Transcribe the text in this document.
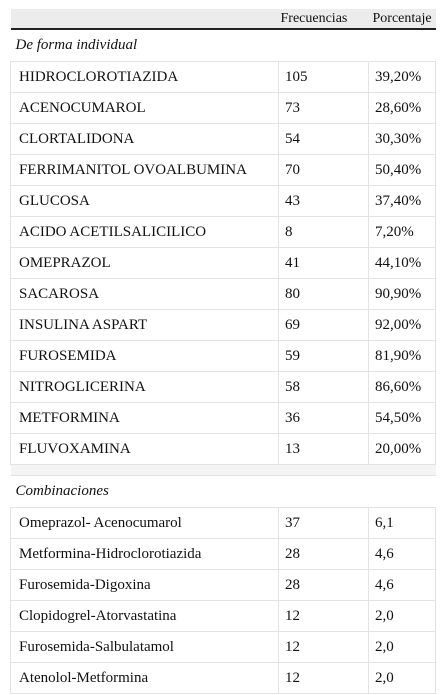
	Frecuencias	Porcentaje
De forma individual		
HIDROCLOROTIAZIDA	105	39,20%
ACENOCUMAROL	73	28,60%
CLORTALIDONA	54	30,30%
FERRIMANITOL OVOALBUMINA	70	50,40%
GLUCOSA	43	37,40%
ACIDO ACETILSALICILICO	8	7,20%
OMEPRAZOL	41	44,10%
SACAROSA	80	90,90%
INSULINA ASPART	69	92,00%
FUROSEMIDA	59	81,90%
NITROGLICERINA	58	86,60%
METFORMINA	36	54,50%
FLUVOXAMINA	13	20,00%

Combinaciones		
Omeprazol- Acenocumarol	37	6,1
Metformina-Hidroclorotiazida	28	4,6
Furosemida-Digoxina	28	4,6
Clopidogrel-Atorvastatina	12	2,0
Furosemida-Salbulatamol	12	2,0
Atenolol-Metformina	12	2,0
